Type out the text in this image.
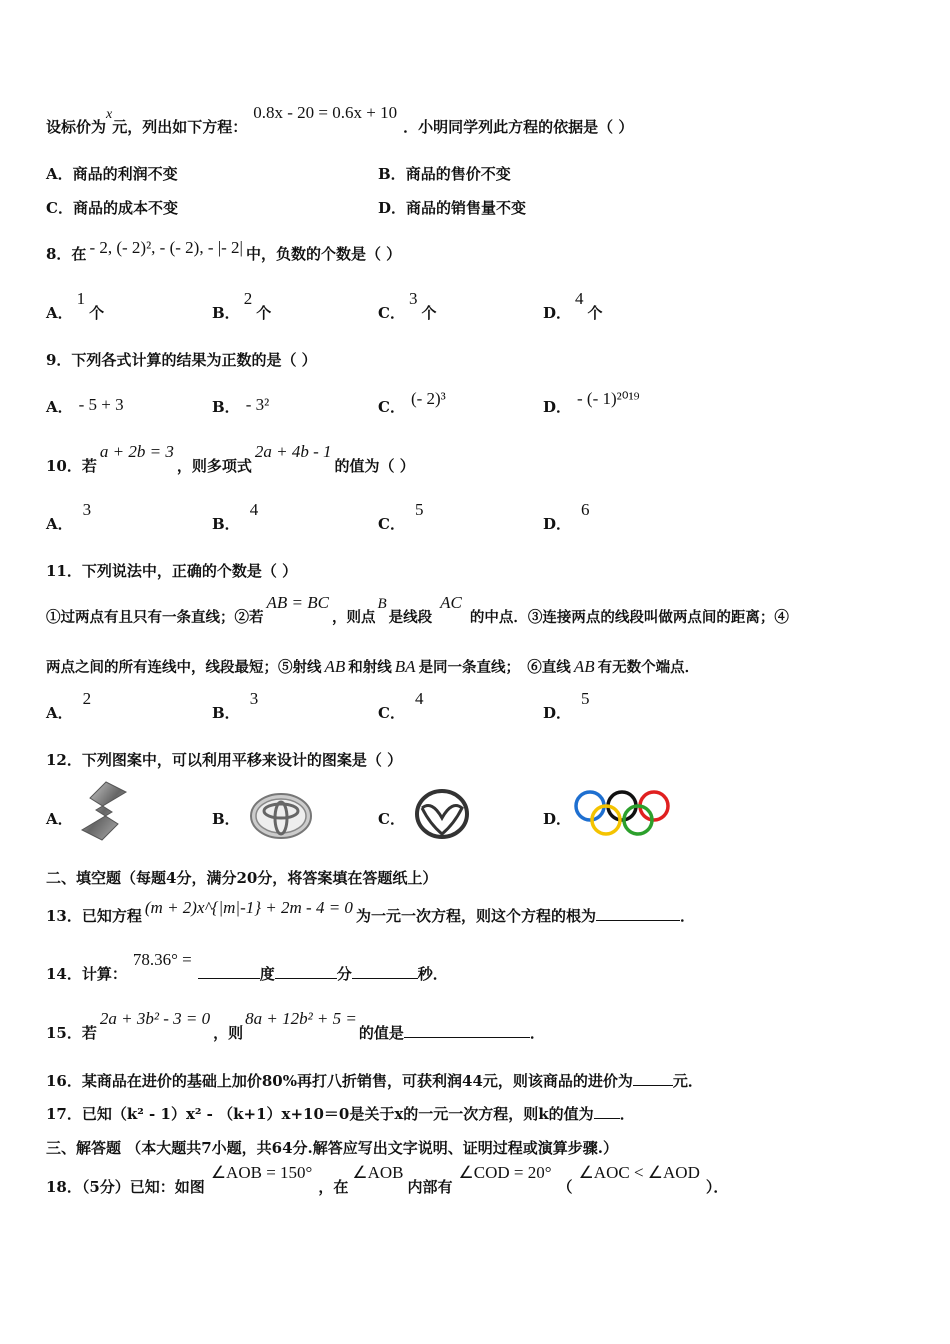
设标价为x元，列出如下方程：0.8x - 20 = 0.6x + 10．小明同学列此方程的依据是（ ）
A．商品的利润不变	B．商品的售价不变
C．商品的成本不变	D．商品的销售量不变
8．在 - 2, (- 2)², - (- 2), - |- 2| 中，负数的个数是（ ）
A．1个	B．2个	C．3个	D．4个
9．下列各式计算的结果为正数的是（ ）
A． - 5 + 3	B． - 3²	C． (- 2)³	D． - (- 1)²⁰¹⁹
10．若a + 2b = 3，则多项式2a + 4b - 1的值为（ ）
A．3
B．4
C．5
D．6
11．下列说法中，正确的个数是（ ）
①过两点有且只有一条直线；②若AB = BC，则点B是线段AC的中点．③连接两点的线段叫做两点间的距离；④
两点之间的所有连线中，线段最短；⑤射线 AB 和射线 BA 是同一条直线；　⑥直线 AB 有无数个端点．
A．2
B．3
C．4
D．5
12．下列图案中，可以利用平移来设计的图案是（ ）
A．	B．	C．	D．
二、填空题（每题4分，满分20分，将答案填在答题纸上）
13．已知方程 (m + 2)x^{|m|-1} + 2m - 4 = 0 为一元一次方程，则这个方程的根为	．
14．计算：78.36° =度	分	秒．
15．若2a + 3b² - 3 = 0，则8a + 12b² + 5 =的值是	．
16．某商品在进价的基础上加价80%再打八折销售，可获利润44元，则该商品的进价为	元．
17．已知（k² - 1）x² - （k+1）x+10＝0是关于x的一元一次方程，则k的值为 ．
三、解答题 （本大题共7小题，共64分.解答应写出文字说明、证明过程或演算步骤.）
18．（5分）已知：如图∠AOB = 150°，在∠AOB内部有∠COD = 20°（∠AOC < ∠AOD）．
